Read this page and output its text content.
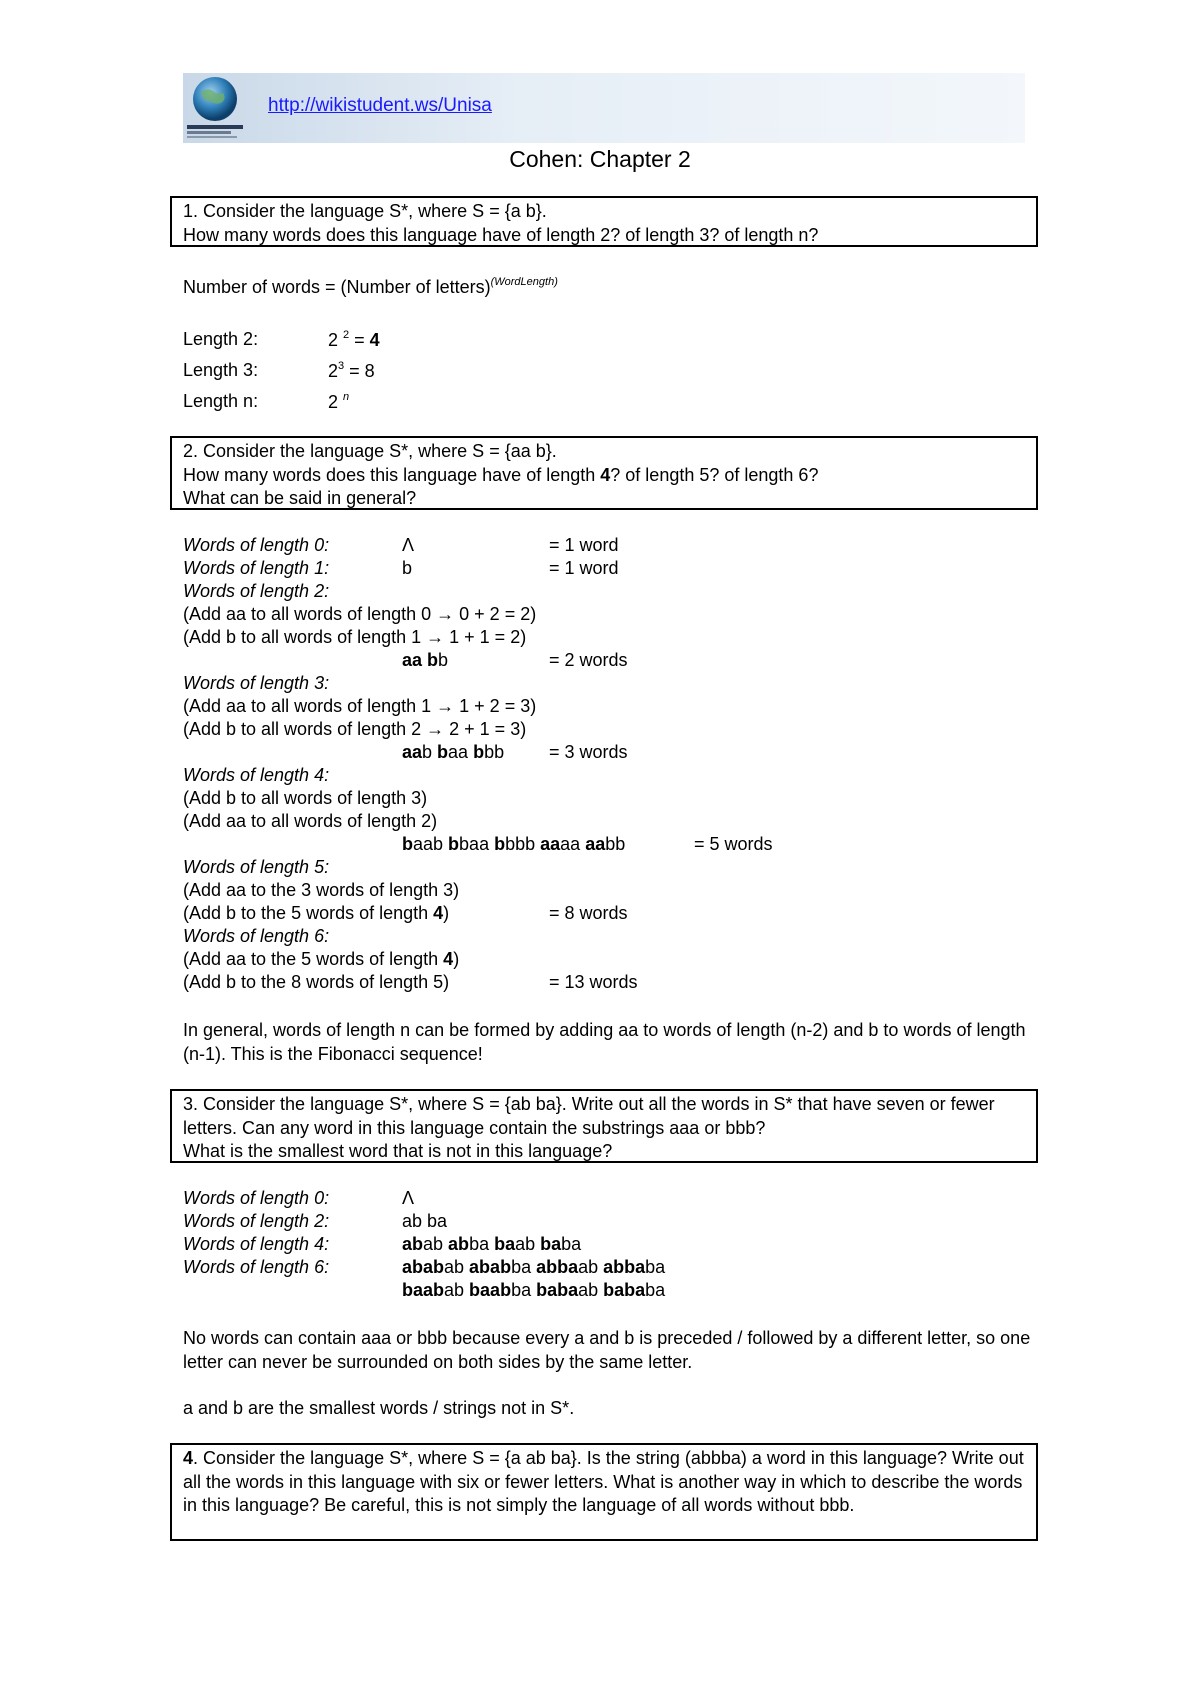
http://wikistudent.ws/Unisa
Cohen: Chapter 2
1. Consider the language S*, where S = {a b}.
How many words does this language have of length 2? of length 3? of length n?
Number of words = (Number of letters)$^{(WordLength)}$
Length 2:	2 $^2$ = 4
Length 3:	$2^3 = 8$
Length n:	2 $^n$
2. Consider the language S*, where S = {aa b}.
How many words does this language have of length 4? of length 5? of length 6?
What can be said in general?
Words of length 0:	Λ	= 1 word
Words of length 1:	b	= 1 word
Words of length 2:
(Add aa to all words of length 0 → 0 + 2 = 2)
(Add b to all words of length 1 → 1 + 1 = 2)
aa bb	= 2 words
Words of length 3:
(Add aa to all words of length 1 → 1 + 2 = 3)
(Add b to all words of length 2 → 2 + 1 = 3)
aab baa bbb = 3 words
Words of length 4:
(Add b to all words of length 3)
(Add aa to all words of length 2)
baab bbaa bbbb aaaa aabb	= 5 words
Words of length 5:
(Add aa to the 3 words of length 3)
(Add b to the 5 words of length 4)	= 8 words
Words of length 6:
(Add aa to the 5 words of length 4)
(Add b to the 8 words of length 5)	= 13 words
In general, words of length n can be formed by adding aa to words of length (n-2) and b to words of length (n-1). This is the Fibonacci sequence!
3. Consider the language S*, where S = {ab ba}. Write out all the words in S* that have seven or fewer letters. Can any word in this language contain the substrings aaa or bbb?
What is the smallest word that is not in this language?
Words of length 0:	Λ
Words of length 2:	ab ba
Words of length 4:	abab abba baab baba
Words of length 6:	ababab ababba abbaab abbaba
baabab baabba babaab bababa
No words can contain aaa or bbb because every a and b is preceded / followed by a different letter, so one letter can never be surrounded on both sides by the same letter.
a and b are the smallest words / strings not in S*.
4. Consider the language S*, where S = {a ab ba}. Is the string (abbba) a word in this language? Write out all the words in this language with six or fewer letters. What is another way in which to describe the words in this language? Be careful, this is not simply the language of all words without bbb.
